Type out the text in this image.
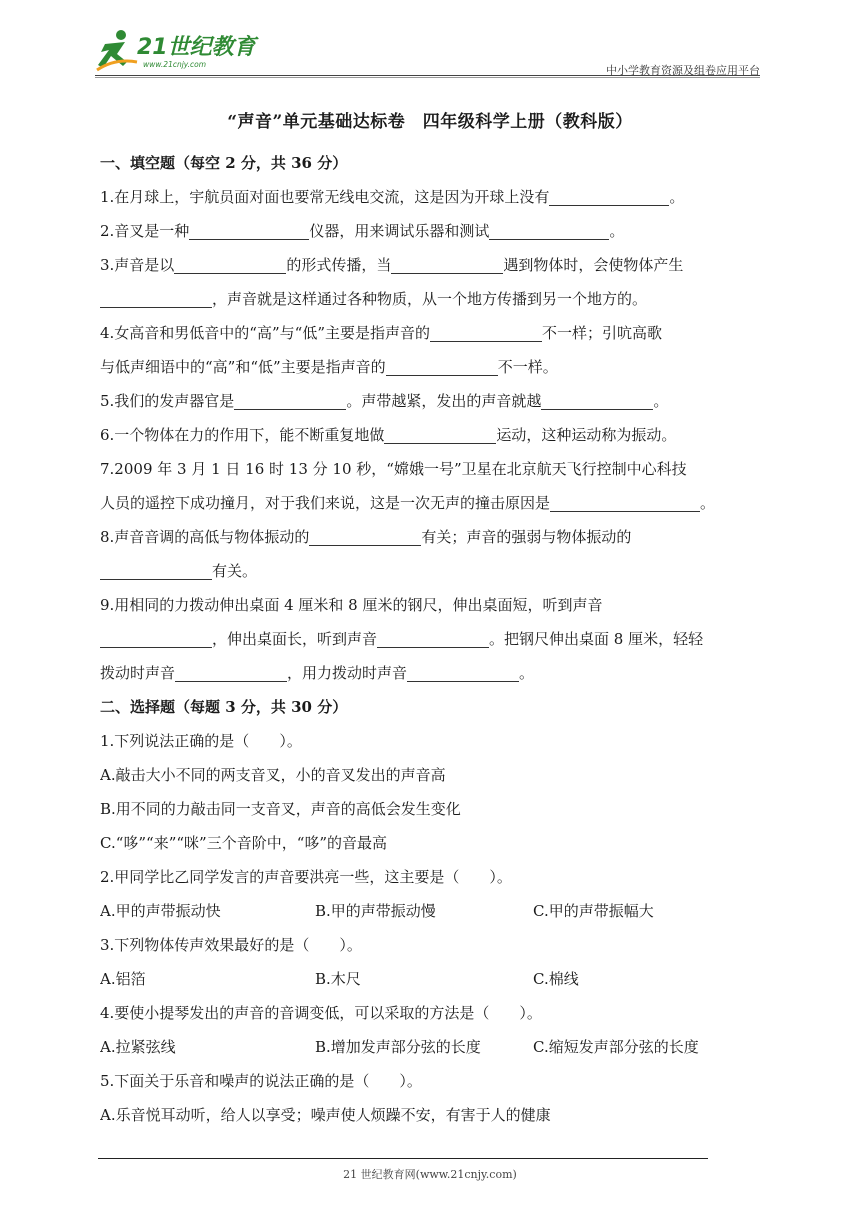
21世纪教育
www.21cnjy.com	中小学教育资源及组卷应用平台
“声音”单元基础达标卷　四年级科学上册（教科版）
一、填空题（每空 2 分，共 36 分）
1.在月球上，宇航员面对面也要常无线电交流，这是因为开球上没有	。
2.音叉是一种	仪器，用来调试乐器和测试	。
3.声音是以	的形式传播，当	遇到物体时，会使物体产生
，声音就是这样通过各种物质，从一个地方传播到另一个地方的。
4.女高音和男低音中的“高”与“低”主要是指声音的	不一样；引吭高歌
与低声细语中的“高”和“低”主要是指声音的	不一样。
5.我们的发声器官是	。声带越紧，发出的声音就越	。
6.一个物体在力的作用下，能不断重复地做	运动，这种运动称为振动。
7.2009 年 3 月 1 日 16 时 13 分 10 秒，“嫦娥一号”卫星在北京航天飞行控制中心科技
人员的遥控下成功撞月，对于我们来说，这是一次无声的撞击原因是	。
8.声音音调的高低与物体振动的	有关；声音的强弱与物体振动的
有关。
9.用相同的力拨动伸出桌面 4 厘米和 8 厘米的钢尺，伸出桌面短，听到声音
，伸出桌面长，听到声音	。把钢尺伸出桌面 8 厘米，轻轻
拨动时声音	，用力拨动时声音	。
二、选择题（每题 3 分，共 30 分）
1.下列说法正确的是（　　）。
A.敲击大小不同的两支音叉，小的音叉发出的声音高
B.用不同的力敲击同一支音叉，声音的高低会发生变化
C.“哆”“来”“咪”三个音阶中，“哆”的音最高
2.甲同学比乙同学发言的声音要洪亮一些，这主要是（　　）。
A.甲的声带振动快	B.甲的声带振动慢	C.甲的声带振幅大
3.下列物体传声效果最好的是（　　）。
A.铝箔	B.木尺	C.棉线
4.要使小提琴发出的声音的音调变低，可以采取的方法是（　　）。
A.拉紧弦线	B.增加发声部分弦的长度	C.缩短发声部分弦的长度
5.下面关于乐音和噪声的说法正确的是（　　）。
A.乐音悦耳动听，给人以享受；噪声使人烦躁不安，有害于人的健康
21 世纪教育网(www.21cnjy.com)
